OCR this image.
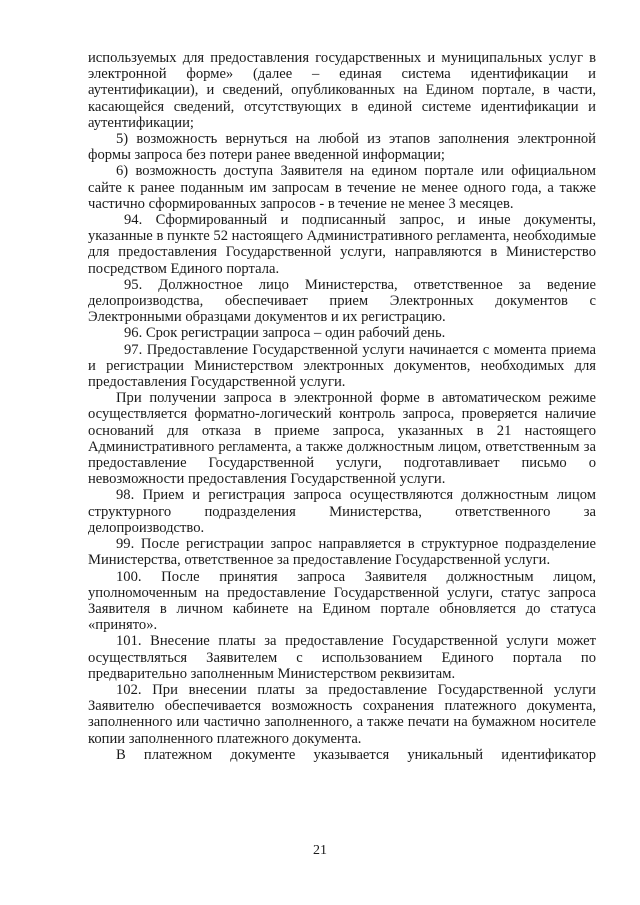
используемых для предоставления государственных и муниципальных услуг в электронной форме» (далее – единая система идентификации и аутентификации), и сведений, опубликованных на Едином портале, в части, касающейся сведений, отсутствующих в единой системе идентификации и аутентификации;

5) возможность вернуться на любой из этапов заполнения электронной формы запроса без потери ранее введенной информации;

6) возможность доступа Заявителя на едином портале или официальном сайте к ранее поданным им запросам в течение не менее одного года, а также частично сформированных запросов - в течение не менее 3 месяцев.

94. Сформированный и подписанный запрос, и иные документы, указанные в пункте 52 настоящего Административного регламента, необходимые для предоставления Государственной услуги, направляются в Министерство посредством Единого портала.

95. Должностное лицо Министерства, ответственное за ведение делопроизводства, обеспечивает прием Электронных документов с Электронными образцами документов и их регистрацию.

96. Срок регистрации запроса – один рабочий день.

97. Предоставление Государственной услуги начинается с момента приема и регистрации Министерством электронных документов, необходимых для предоставления Государственной услуги.

При получении запроса в электронной форме в автоматическом режиме осуществляется форматно-логический контроль запроса, проверяется наличие оснований для отказа в приеме запроса, указанных в 21 настоящего Административного регламента, а также должностным лицом, ответственным за предоставление Государственной услуги, подготавливает письмо о невозможности предоставления Государственной услуги.

98. Прием и регистрация запроса осуществляются должностным лицом структурного подразделения Министерства, ответственного за делопроизводство.

99. После регистрации запрос направляется в структурное подразделение Министерства, ответственное за предоставление Государственной услуги.

100. После принятия запроса Заявителя должностным лицом, уполномоченным на предоставление Государственной услуги, статус запроса Заявителя в личном кабинете на Едином портале обновляется до статуса «принято».

101. Внесение платы за предоставление Государственной услуги может осуществляться Заявителем с использованием Единого портала по предварительно заполненным Министерством реквизитам.

102. При внесении платы за предоставление Государственной услуги Заявителю обеспечивается возможность сохранения платежного документа, заполненного или частично заполненного, а также печати на бумажном носителе копии заполненного платежного документа.

В платежном документе указывается уникальный идентификатор

21
